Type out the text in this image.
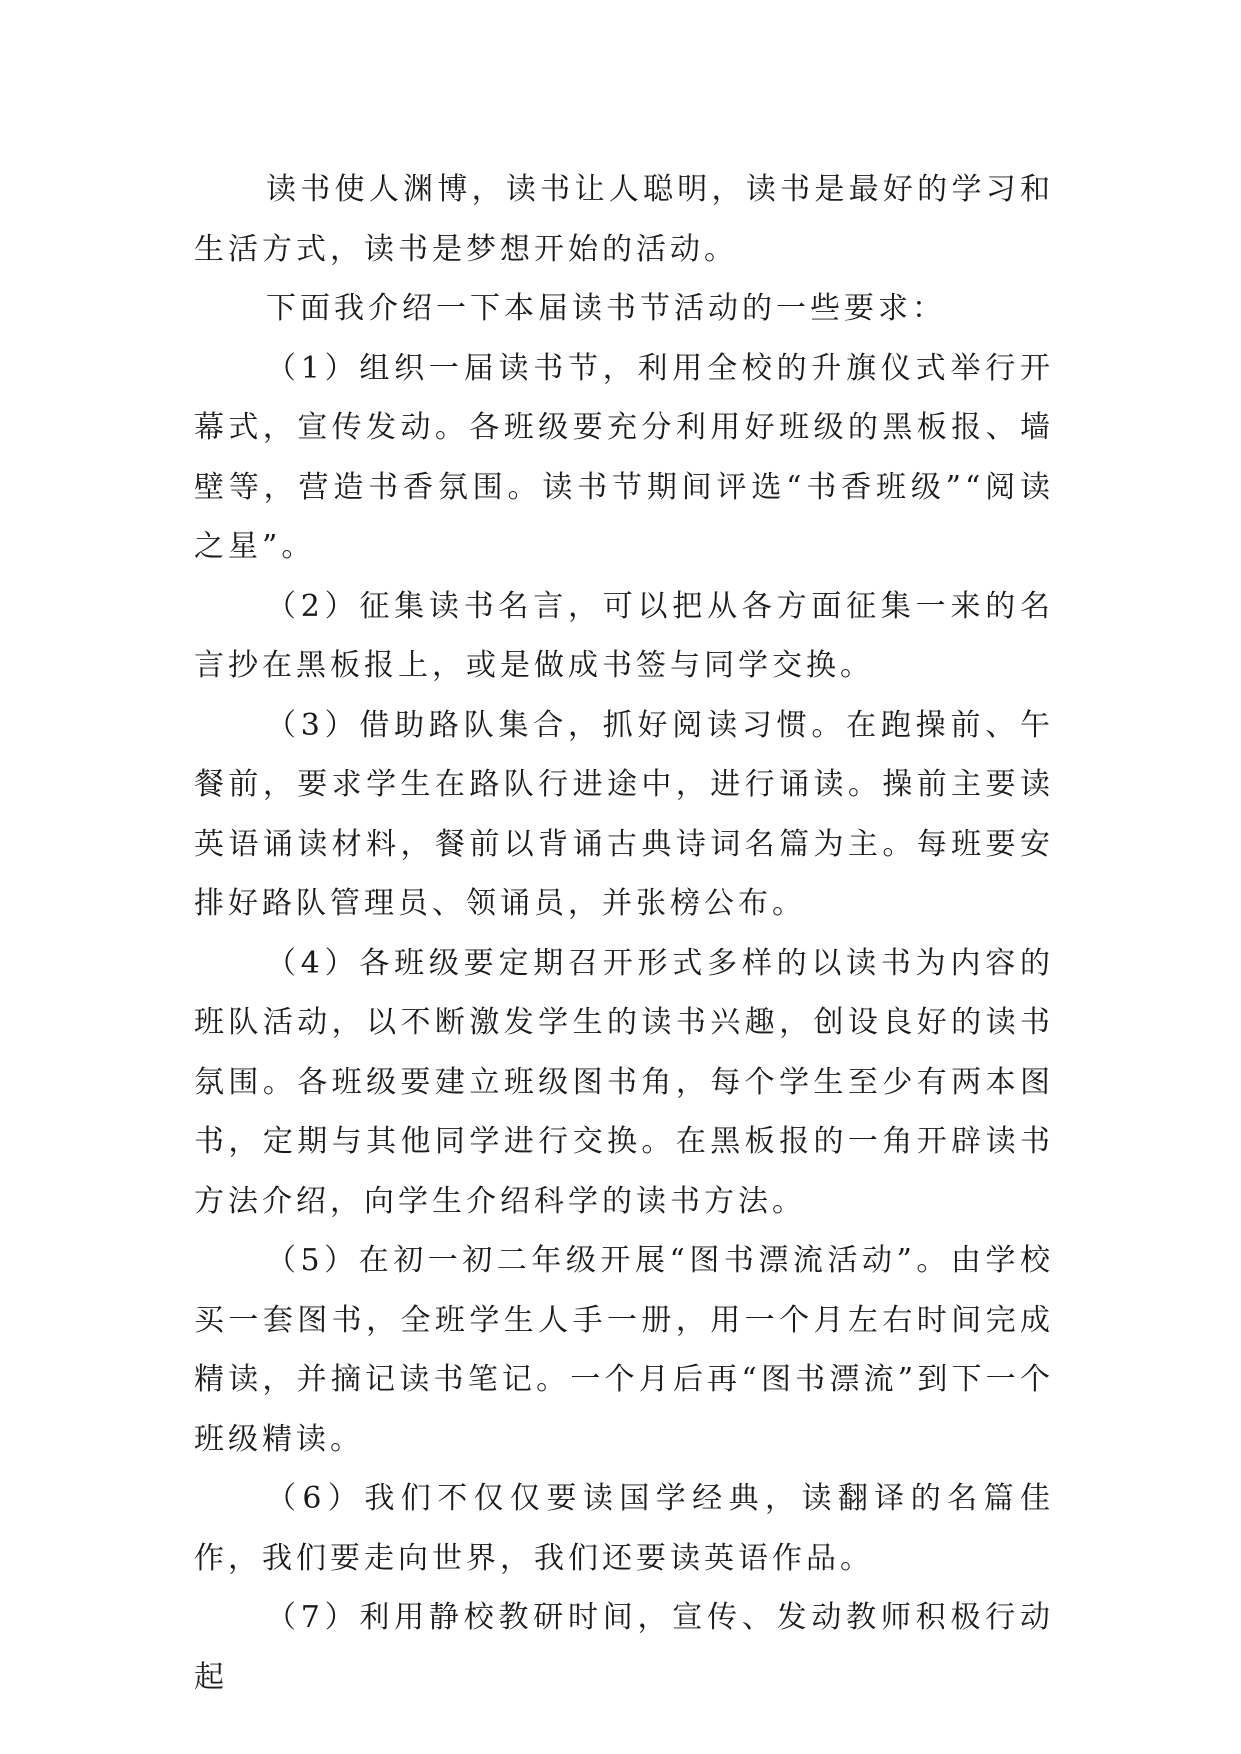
读书使人渊博，读书让人聪明，读书是最好的学习和生活方式，读书是梦想开始的活动。

下面我介绍一下本届读书节活动的一些要求：

（1）组织一届读书节，利用全校的升旗仪式举行开幕式，宣传发动。各班级要充分利用好班级的黑板报、墙壁等，营造书香氛围。读书节期间评选“书香班级”“阅读之星”。

（2）征集读书名言，可以把从各方面征集一来的名言抄在黑板报上，或是做成书签与同学交换。

（3）借助路队集合，抓好阅读习惯。在跑操前、午餐前，要求学生在路队行进途中，进行诵读。操前主要读英语诵读材料，餐前以背诵古典诗词名篇为主。每班要安排好路队管理员、领诵员，并张榜公布。

（4）各班级要定期召开形式多样的以读书为内容的班队活动，以不断激发学生的读书兴趣，创设良好的读书氛围。各班级要建立班级图书角，每个学生至少有两本图书，定期与其他同学进行交换。在黑板报的一角开辟读书方法介绍，向学生介绍科学的读书方法。

（5）在初一初二年级开展“图书漂流活动”。由学校买一套图书，全班学生人手一册，用一个月左右时间完成精读，并摘记读书笔记。一个月后再“图书漂流”到下一个班级精读。

（6）我们不仅仅要读国学经典，读翻译的名篇佳作，我们要走向世界，我们还要读英语作品。

（7）利用静校教研时间，宣传、发动教师积极行动起
